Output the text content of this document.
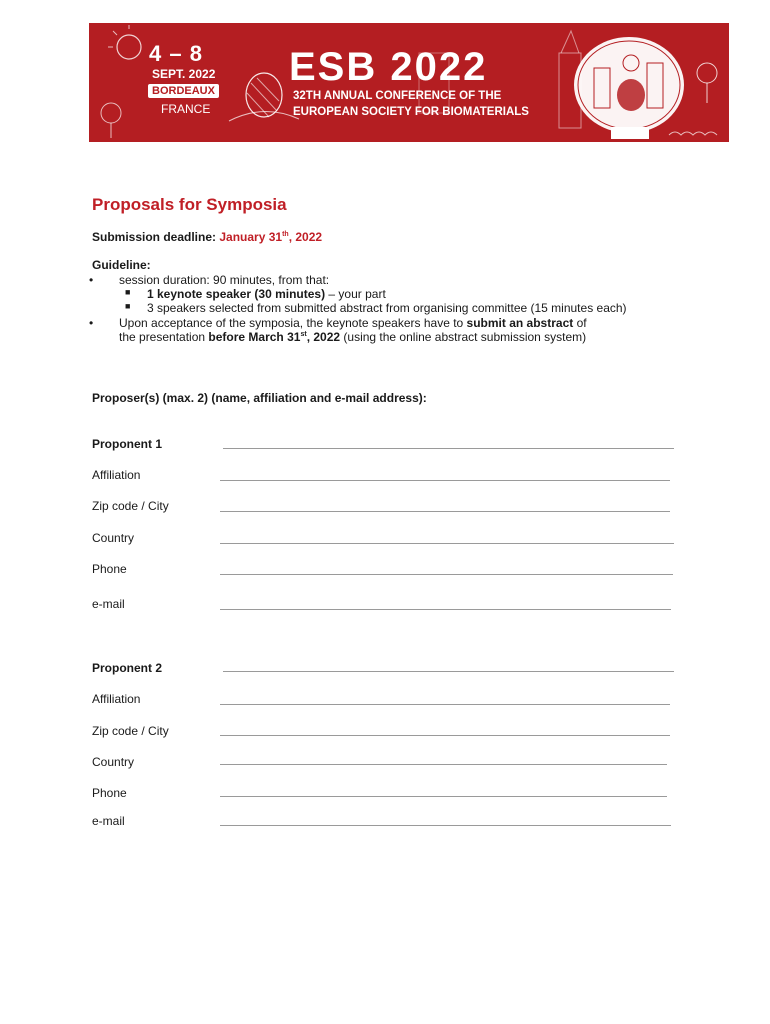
4 – 8
SEPT. 2022
BORDEAUX
FRANCE
ESB 2022
32TH ANNUAL CONFERENCE OF THE
EUROPEAN SOCIETY FOR BIOMATERIALS
Proposals for Symposia
Submission deadline: January 31th, 2022
Guideline:
• session duration: 90 minutes, from that:
■ 1 keynote speaker (30 minutes) – your part
■ 3 speakers selected from submitted abstract from organising committee (15 minutes each)
• Upon acceptance of the symposia, the keynote speakers have to submit an abstract of
the presentation before March 31st, 2022 (using the online abstract submission system)
Proposer(s) (max. 2) (name, affiliation and e-mail address):
Proponent 1
Affiliation
Zip code / City
Country
Phone
e-mail
Proponent 2
Affiliation
Zip code / City
Country
Phone
e-mail
